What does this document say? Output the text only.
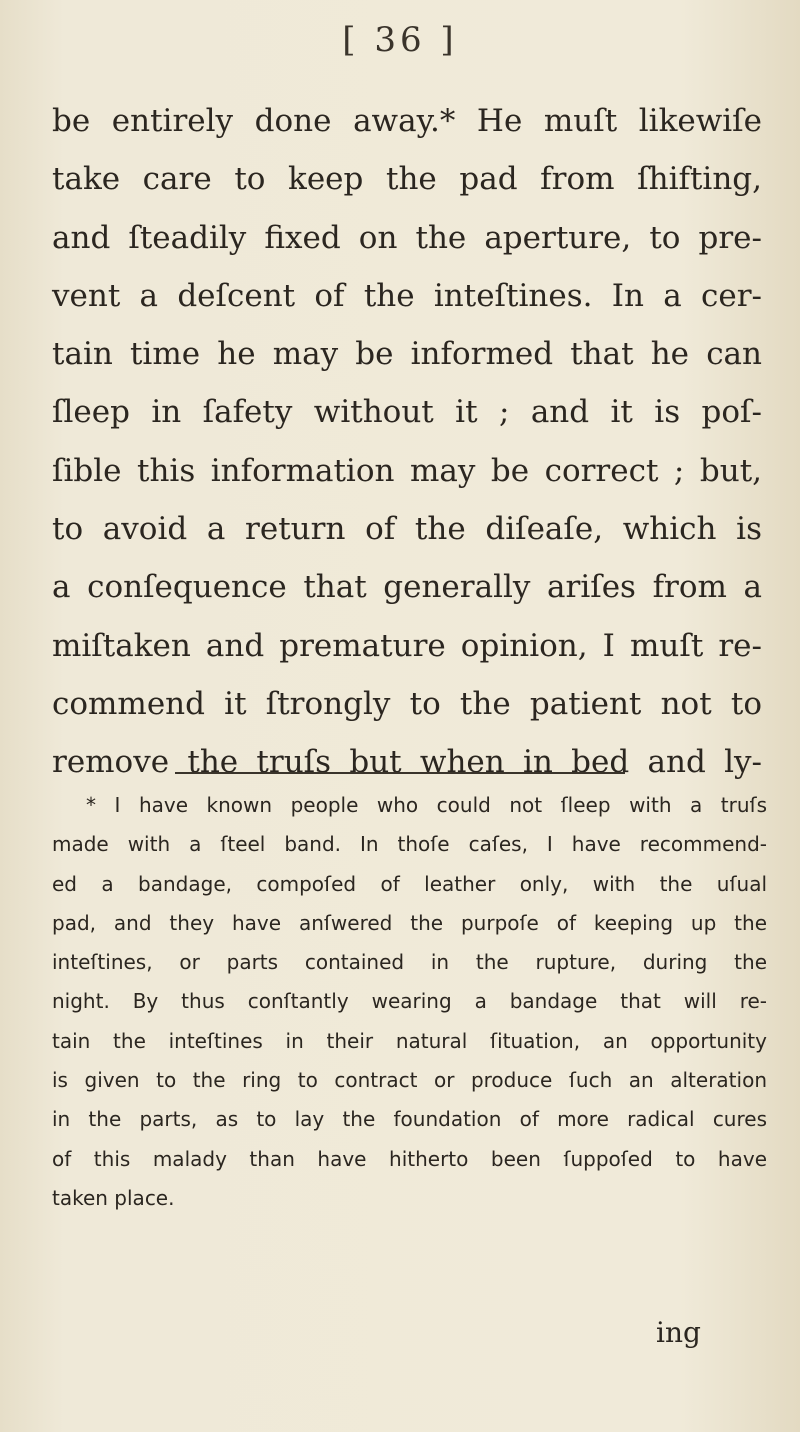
[ 36 ]
be entirely done away.* He muſt likewiſe
take care to keep the pad from ſhifting,
and ſteadily fixed on the aperture, to pre-
vent a deſcent of the inteſtines. In a cer-
tain time he may be informed that he can
ſleep in ſafety without it ; and it is poſ-
ſible this information may be correct ; but,
to avoid a return of the diſeaſe, which is
a conſequence that generally ariſes from a
miſtaken and premature opinion, I muſt re-
commend it ſtrongly to the patient not to
remove the truſs but when in bed and ly-
* I have known people who could not ſleep with a truſs
made with a ſteel band. In thoſe caſes, I have recommend-
ed a bandage, compoſed of leather only, with the uſual
pad, and they have anſwered the purpoſe of keeping up the
inteſtines, or parts contained in the rupture, during the
night. By thus conſtantly wearing a bandage that will re-
tain the inteſtines in their natural ſituation, an opportunity
is given to the ring to contract or produce ſuch an alteration
in the parts, as to lay the foundation of more radical cures
of this malady than have hitherto been ſuppoſed to have
taken place.
ing
